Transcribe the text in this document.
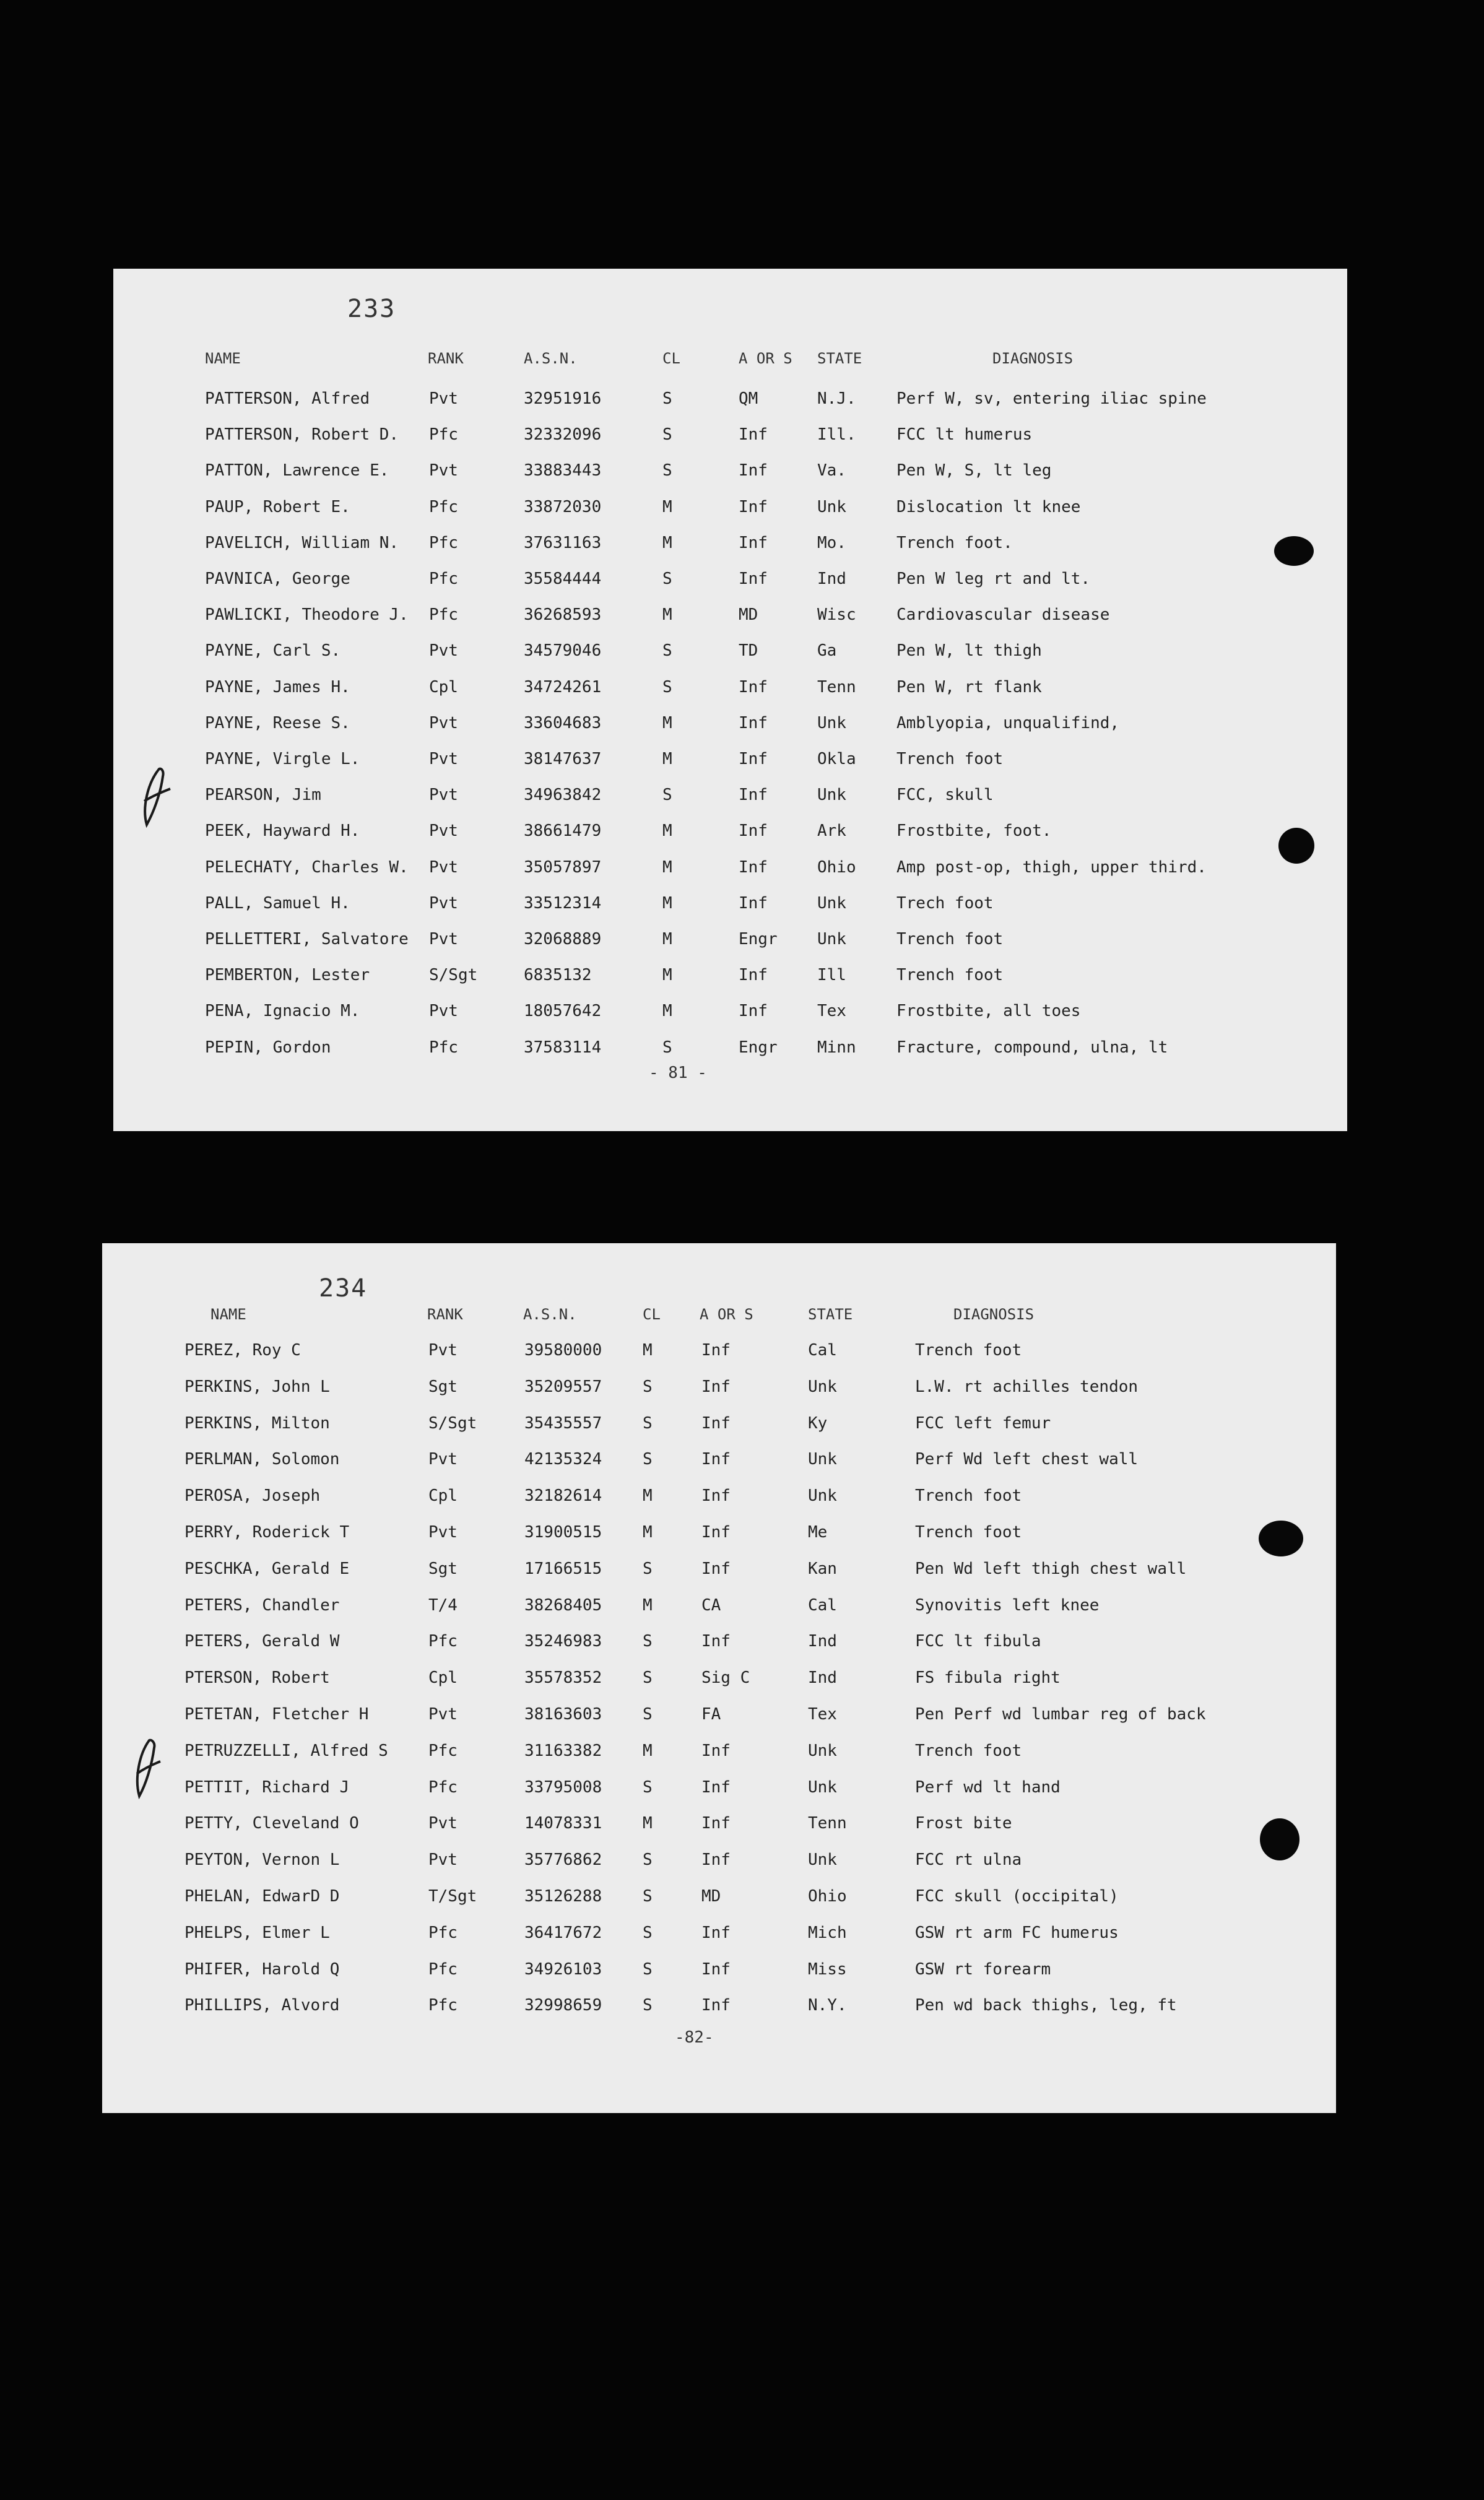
233
NAME	RANK	A.S.N.	CL	A OR S STATE	DIAGNOSIS
PATTERSON, Alfred	Pvt	32951916	S	QM	N.J.	Perf W, sv, entering iliac spine
PATTERSON, Robert D. Pfc	32332096	S	Inf	Ill.	FCC lt humerus
PATTON, Lawrence E. Pvt	33883443	S	Inf	Va.	Pen W, S, lt leg
PAUP, Robert E.	Pfc	33872030	M	Inf	Unk	Dislocation lt knee
PAVELICH, William N. Pfc	37631163	M	Inf	Mo.	Trench foot.
PAVNICA, George	Pfc	35584444	S	Inf	Ind	Pen W leg rt and lt.
PAWLICKI, Theodore J. Pfc	36268593	M	MD	Wisc	Cardiovascular disease
PAYNE, Carl S.	Pvt	34579046	S	TD	Ga	Pen W, lt thigh
PAYNE, James H.	Cpl	34724261	S	Inf	Tenn	Pen W, rt flank
PAYNE, Reese S.	Pvt	33604683	M	Inf	Unk	Amblyopia, unqualifind,
PAYNE, Virgle L.	Pvt	38147637	M	Inf	Okla	Trench foot
PEARSON, Jim	Pvt	34963842	S	Inf	Unk	FCC, skull
PEEK, Hayward H.	Pvt	38661479	M	Inf	Ark	Frostbite, foot.
PELECHATY, Charles W. Pvt	35057897	M	Inf	Ohio	Amp post-op, thigh, upper third.
PALL, Samuel H.	Pvt	33512314	M	Inf	Unk	Trech foot
PELLETTERI, Salvatore Pvt	32068889	M	Engr Unk	Trench foot
PEMBERTON, Lester	S/Sgt	6835132	M	Inf	Ill	Trench foot
PENA, Ignacio M.	Pvt	18057642	M	Inf	Tex	Frostbite, all toes
PEPIN, Gordon	Pfc	37583114	S	Engr Minn	Fracture, compound, ulna, lt
- 81 -
234
NAME	RANK	A.S.N.	CL	A OR S	STATE	DIAGNOSIS
PEREZ, Roy C	Pvt	39580000	M	Inf	Cal	Trench foot
PERKINS, John L	Sgt	35209557	S	Inf	Unk	L.W. rt achilles tendon
PERKINS, Milton	S/Sgt	35435557	S	Inf	Ky	FCC left femur
PERLMAN, Solomon	Pvt	42135324	S	Inf	Unk	Perf Wd left chest wall
PEROSA, Joseph	Cpl	32182614	M	Inf	Unk	Trench foot
PERRY, Roderick T	Pvt	31900515	M	Inf	Me	Trench foot
PESCHKA, Gerald E	Sgt	17166515	S	Inf	Kan	Pen Wd left thigh chest wall
PETERS, Chandler	T/4	38268405	M	CA	Cal	Synovitis left knee
PETERS, Gerald W	Pfc	35246983	S	Inf	Ind	FCC lt fibula
PTERSON, Robert	Cpl	35578352	S	Sig C	Ind	FS fibula right
PETETAN, Fletcher H	Pvt	38163603	S	FA	Tex	Pen Perf wd lumbar reg of back
PETRUZZELLI, Alfred S	Pfc	31163382	M	Inf	Unk	Trench foot
PETTIT, Richard J	Pfc	33795008	S	Inf	Unk	Perf wd lt hand
PETTY, Cleveland O	Pvt	14078331	M	Inf	Tenn	Frost bite
PEYTON, Vernon L	Pvt	35776862	S	Inf	Unk	FCC rt ulna
PHELAN, EdwarD D	T/Sgt	35126288	S	MD	Ohio	FCC skull (occipital)
PHELPS, Elmer L	Pfc	36417672	S	Inf	Mich	GSW rt arm FC humerus
PHIFER, Harold Q	Pfc	34926103	S	Inf	Miss	GSW rt forearm
PHILLIPS, Alvord	Pfc	32998659	S	Inf	N.Y.	Pen wd back thighs, leg, ft
-82-
